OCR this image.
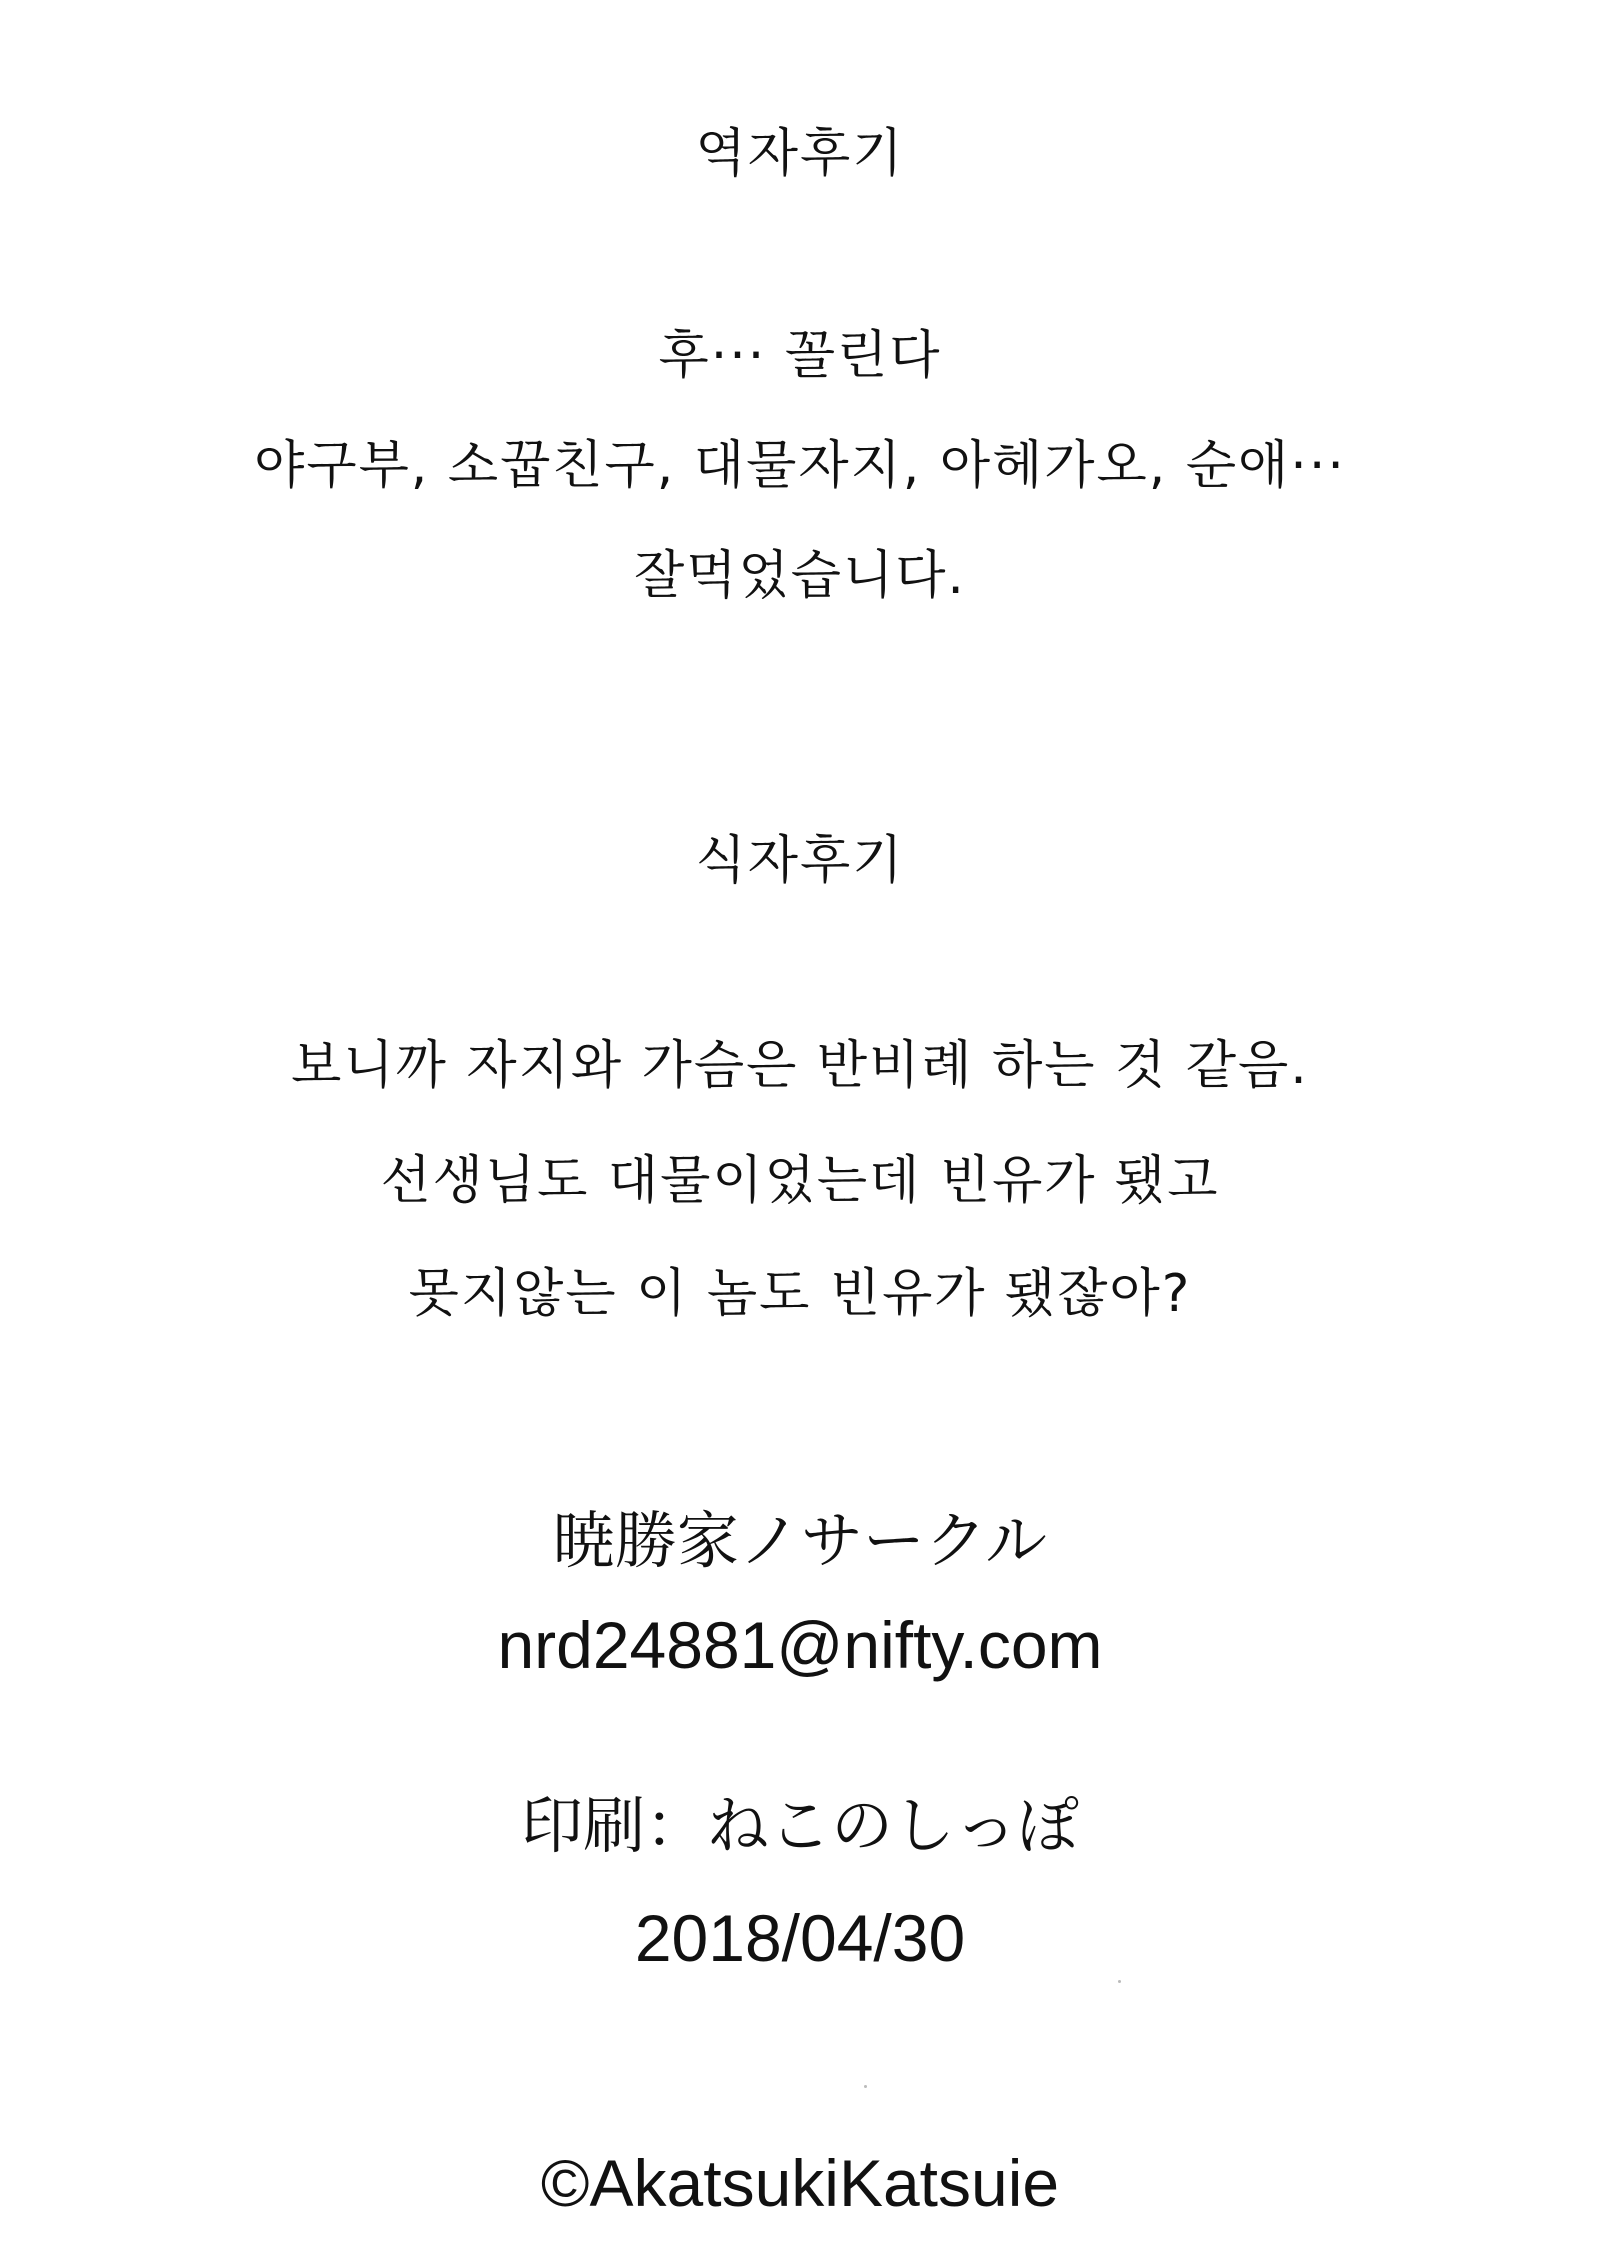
역자후기
후··· 꼴린다
야구부, 소꿉친구, 대물자지, 아헤가오, 순애···
잘먹었습니다.
식자후기
보니까 자지와 가슴은 반비례 하는 것 같음.
선생님도 대물이었는데 빈유가 됐고
못지않는 이 놈도 빈유가 됐잖아?
暁勝家ノサークル
nrd24881@nifty.com
印刷：ねこのしっぽ
2018/04/30
©AkatsukiKatsuie
